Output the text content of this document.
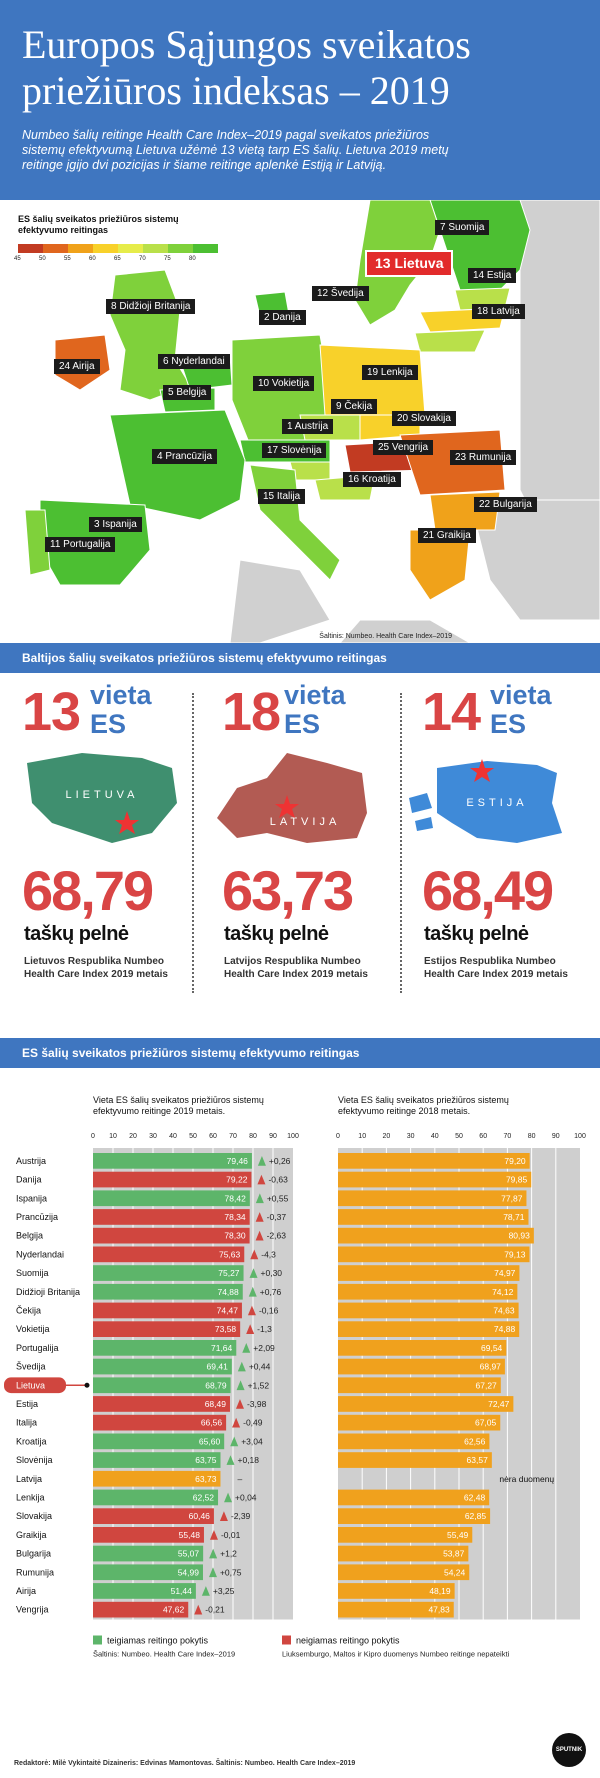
Europos Sąjungos sveikatos priežiūros indeksas – 2019

Numbeo šalių reitinge Health Care Index–2019 pagal sveikatos priežiūros sistemų efektyvumą Lietuva užėmė 13 vietą tarp ES šalių. Lietuva 2019 metų reitinge įgijo dvi pozicijas ir šiame reitinge aplenkė Estiją ir Latviją.

ES šalių sveikatos priežiūros sistemų efektyvumo reitingas
45	50	55	60	65	70	75	80
7 Suomija
13 Lietuva
14 Estija
12 Švedija
18 Latvija
8 Didžioji Britanija
2 Danija
24 Airija	6 Nyderlandai
19 Lenkija
5 Belgija
10 Vokietija
9 Čekija
20 Slovakija
1 Austrija
25 Vengrija
17 Slovėnija
23 Rumunija
4 Prancūzija
16 Kroatija
15 Italija
22 Bulgarija
3 Ispanija
21 Graikija
11 Portugalija
Šaltinis: Numbeo. Health Care Index–2019
Baltijos šalių sveikatos priežiūros sistemų efektyvumo reitingas
13 vieta
ES
LIETUVA
68,79
taškų pelnė
Lietuvos Respublika Numbeo
Health Care Index 2019 metais
18 vieta
ES
LATVIJA
63,73
taškų pelnė
Latvijos Respublika Numbeo
Health Care Index 2019 metais
14 vieta
ES
ESTIJA
68,49
taškų pelnė
Estijos Respublika Numbeo
Health Care Index 2019 metais
ES šalių sveikatos priežiūros sistemų efektyvumo reitingas
Vieta ES šalių sveikatos priežiūros sistemų
efektyvumo reitinge 2019 metais.
Vieta ES šalių sveikatos priežiūros sistemų
efektyvumo reitinge 2018 metais.
0	0
10	10
20	20
30	30
40	40
50	50
60	60
70	70
80	80
90	90
100	100
Austrija	79,46 +0,26	79,20
Danija	79,22 -0,63	79,85
Ispanija	78,42 +0,55	77,87
Prancūzija	78,34 -0,37	78,71
Belgija	78,30 -2,63	80,93
Nyderlandai	75,63 -4,3	79,13
Suomija	75,27 +0,30	74,97
Didžioji Britanija	74,88 +0,76	74,12
Čekija	74,47 -0,16	74,63
Vokietija	73,58 -1,3	74,88
Portugalija	71,64 +2,09	69,54
Švedija	69,41 +0,44	68,97
Lietuva	68,79 +1,52	67,27
Estija	68,49 -3,98	72,47
Italija	66,56 -0,49	67,05
Kroatija	65,60 +3,04	62,56
Slovėnija	63,75 +0,18	63,57
Latvija	63,73 –	nėra duomenų
Lenkija	62,52 +0,04	62,48
Slovakija	60,46 -2,39	62,85
Graikija	55,48 -0,01	55,49
Bulgarija	55,07 +1,2	53,87
Rumunija	54,99 +0,75	54,24
Airija	51,44 +3,25	48,19
Vengrija	47,62 -0,21	47,83
teigiamas reitingo pokytis	neigiamas reitingo pokytis
Šaltinis: Numbeo. Health Care Index–2019	Liuksemburgo, Maltos ir Kipro duomenys Numbeo reitinge nepateikti
Redaktorė: Milė Vykintaitė Dizaineris: Edvinas Mamontovas. Šaltinis: Numbeo. Health Care Index–2019
SPUTNIK
